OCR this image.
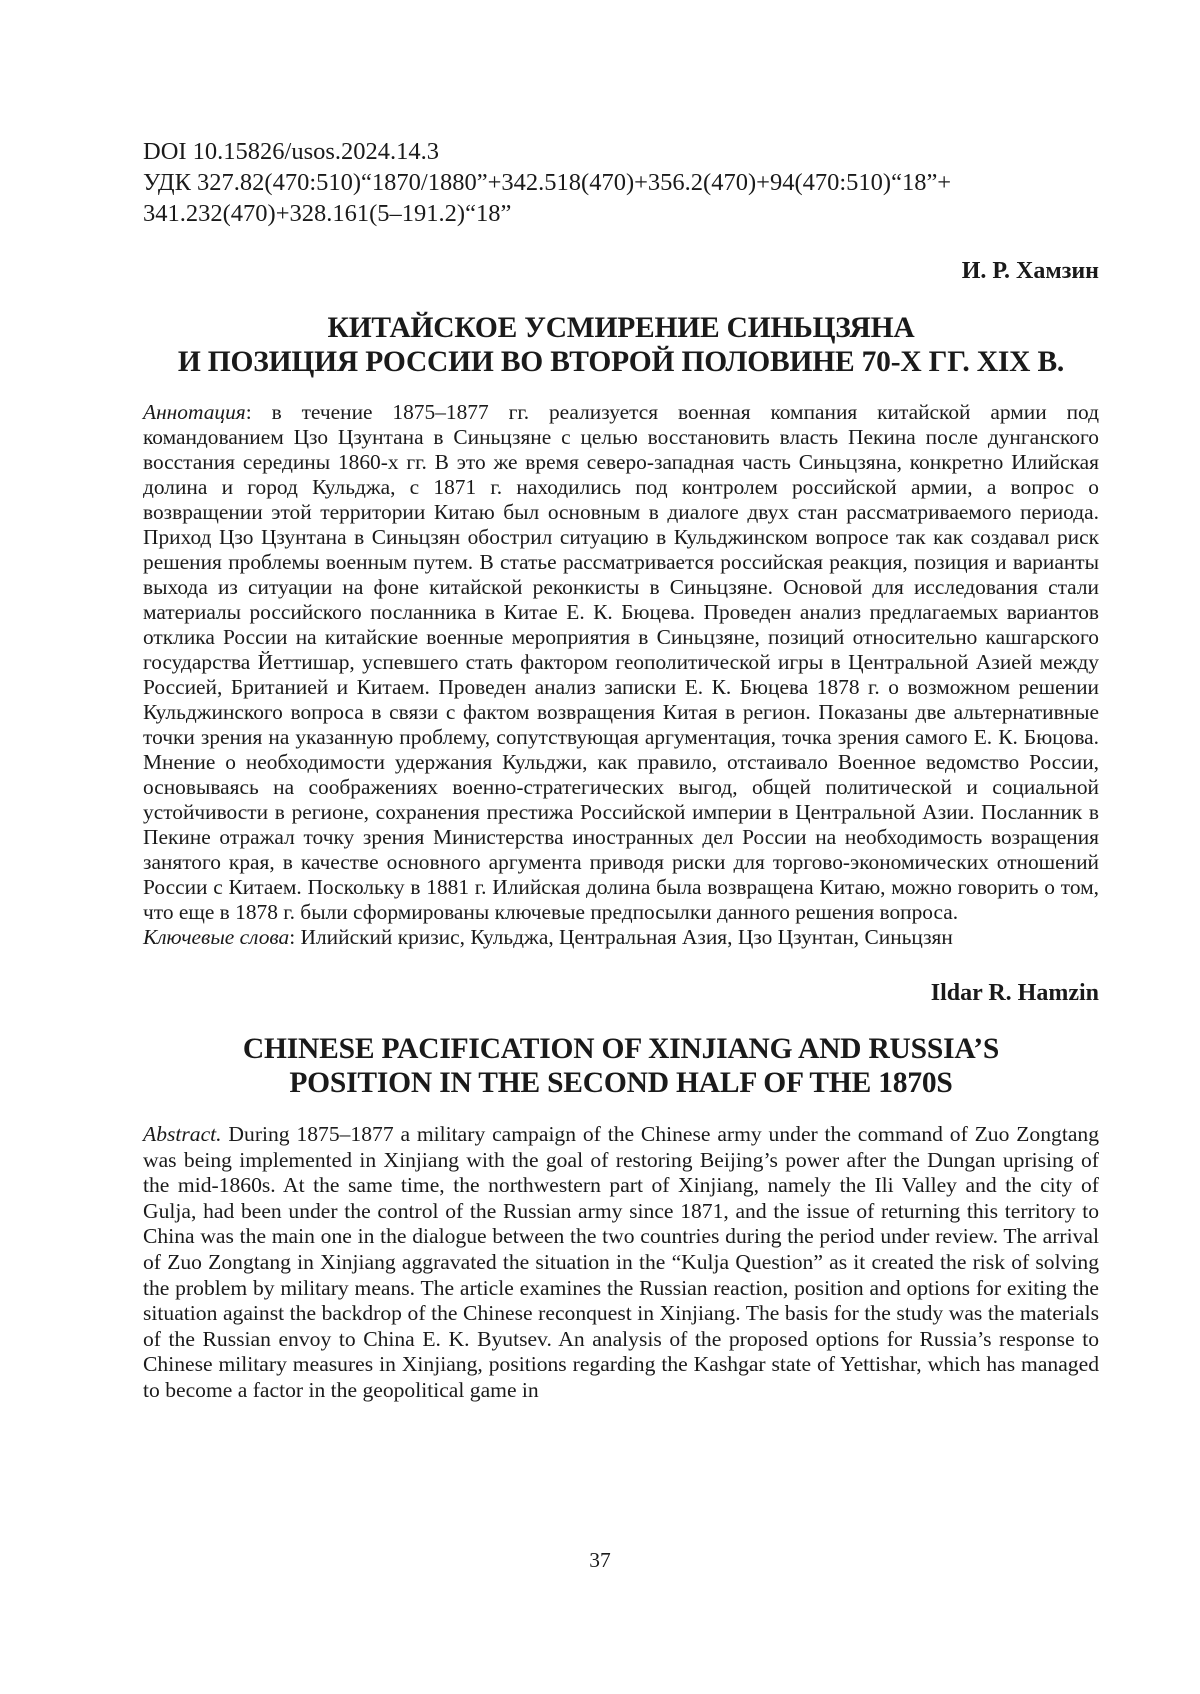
DOI 10.15826/usos.2024.14.3
УДК 327.82(470:510)“1870/1880”+342.518(470)+356.2(470)+94(470:510)“18”+
341.232(470)+328.161(5–191.2)“18”
И. Р. Хамзин
КИТАЙСКОЕ УСМИРЕНИЕ СИНЬЦЗЯНА
И ПОЗИЦИЯ РОССИИ ВО ВТОРОЙ ПОЛОВИНЕ 70-Х ГГ. XIX В.
Аннотация: в течение 1875–1877 гг. реализуется военная компания китайской армии под командованием Цзо Цзунтана в Синьцзяне с целью восстановить власть Пекина после дунганского восстания середины 1860-х гг. В это же время северо-западная часть Синьцзяна, конкретно Илийская долина и город Кульджа, с 1871 г. находились под контролем российской армии, а вопрос о возвращении этой территории Китаю был основным в диалоге двух стан рассматриваемого периода. Приход Цзо Цзунтана в Синьцзян обострил ситуацию в Кульджинском вопросе так как создавал риск решения проблемы военным путем. В статье рассматривается российская реакция, позиция и варианты выхода из ситуации на фоне китайской реконкисты в Синьцзяне. Основой для исследования стали материалы российского посланника в Китае Е. К. Бюцева. Проведен анализ предлагаемых вариантов отклика России на китайские военные мероприятия в Синьцзяне, позиций относительно кашгарского государства Йеттишар, успевшего стать фактором геополитической игры в Центральной Азией между Россией, Британией и Китаем. Проведен анализ записки Е. К. Бюцева 1878 г. о возможном решении Кульджинского вопроса в связи с фактом возвращения Китая в регион. Показаны две альтернативные точки зрения на указанную проблему, сопутствующая аргументация, точка зрения самого Е. К. Бюцова. Мнение о необходимости удержания Кульджи, как правило, отстаивало Военное ведомство России, основываясь на соображениях военно-стратегических выгод, общей политической и социальной устойчивости в регионе, сохранения престижа Российской империи в Центральной Азии. Посланник в Пекине отражал точку зрения Министерства иностранных дел России на необходимость возращения занятого края, в качестве основного аргумента приводя риски для торгово-экономических отношений России с Китаем. Поскольку в 1881 г. Илийская долина была возвращена Китаю, можно говорить о том, что еще в 1878 г. были сформированы ключевые предпосылки данного решения вопроса.
Ключевые слова: Илийский кризис, Кульджа, Центральная Азия, Цзо Цзунтан, Синьцзян
Ildar R. Hamzin
CHINESE PACIFICATION OF XINJIANG AND RUSSIA’S
POSITION IN THE SECOND HALF OF THE 1870S
Abstract. During 1875–1877 a military campaign of the Chinese army under the command of Zuo Zongtang was being implemented in Xinjiang with the goal of restoring Beijing’s power after the Dungan uprising of the mid-1860s. At the same time, the northwestern part of Xinjiang, namely the Ili Valley and the city of Gulja, had been under the control of the Russian army since 1871, and the issue of returning this territory to China was the main one in the dialogue between the two countries during the period under review. The arrival of Zuo Zongtang in Xinjiang aggravated the situation in the “Kulja Question” as it created the risk of solving the problem by military means. The article examines the Russian reaction, position and options for exiting the situation against the backdrop of the Chinese reconquest in Xinjiang. The basis for the study was the materials of the Russian envoy to China E. K. Byutsev. An analysis of the proposed options for Russia’s response to Chinese military measures in Xinjiang, positions regarding the Kashgar state of Yettishar, which has managed to become a factor in the geopolitical game in
37
